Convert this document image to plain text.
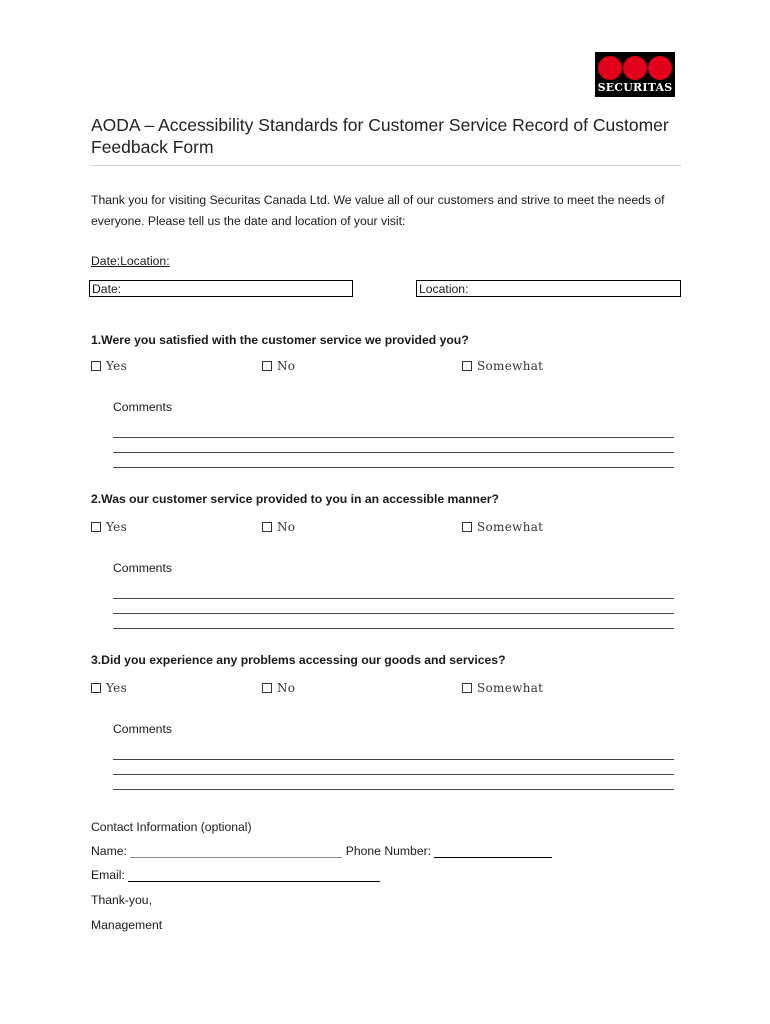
SECURITAS
AODA – Accessibility Standards for Customer Service Record of Customer Feedback Form
Thank you for visiting Securitas Canada Ltd. We value all of our customers and strive to meet the needs of everyone. Please tell us the date and location of your visit:
Date:Location:
Date:	Location:
1.Were you satisfied with the customer service we provided you?
Yes	No	Somewhat
Comments
2.Was our customer service provided to you in an accessible manner?
Yes	No	Somewhat
Comments
3.Did you experience any problems accessing our goods and services?
Yes	No	Somewhat
Comments
Contact Information (optional)
Name:	Phone Number:
Email:
Thank-you,
Management
